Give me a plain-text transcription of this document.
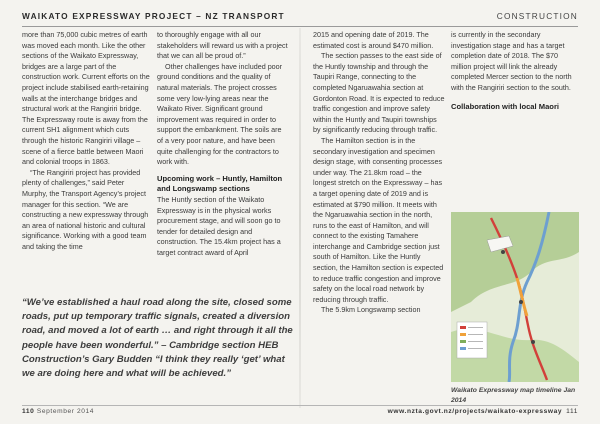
WAIKATO EXPRESSWAY PROJECT – NZ TRANSPORT	CONSTRUCTION

more than 75,000 cubic metres of earth was moved each month. Like the other sections of the Waikato Expressway, bridges are a large part of the construction work. Current efforts on the project include stabilised earth-retaining walls at the interchange bridges and structural work at the Rangiriri bridge. The Expressway route is away from the current SH1 alignment which cuts through the historic Rangiriri village – scene of a fierce battle between Maori and colonial troops in 1863.

“The Rangiriri project has provided plenty of challenges,” said Peter Murphy, the Transport Agency’s project manager for this section. “We are constructing a new expressway through an area of national historic and cultural significance. Working with a good team and taking the time

to thoroughly engage with all our stakeholders will reward us with a project that we can all be proud of.”

Other challenges have included poor ground conditions and the quality of natural materials. The project crosses some very low-lying areas near the Waikato River. Significant ground improvement was required in order to support the embankment. The soils are of a very poor nature, and have been quite challenging for the contractors to work with.

Upcoming work – Huntly, Hamilton and Longswamp sections

The Huntly section of the Waikato Expressway is in the physical works procurement stage, and will soon go to tender for detailed design and construction. The 15.4km project has a target contract award of April

“We’ve established a haul road along the site, closed some roads, put up temporary traffic signals, created a diversion road, and moved a lot of earth … and right through it all the people have been wonderful.” – Cambridge section HEB Construction’s Gary Budden “I think they really ‘get’ what we are doing here and what will be achieved.”

2015 and opening date of 2019. The estimated cost is around $470 million.

The section passes to the east side of the Huntly township and through the Taupiri Range, connecting to the completed Ngaruawahia section at Gordonton Road. It is expected to reduce traffic congestion and improve safety within the Huntly and Taupiri townships by significantly reducing through traffic.

The Hamilton section is in the secondary investigation and specimen design stage, with consenting processes under way. The 21.8km road – the longest stretch on the Expressway – has a target opening date of 2019 and is estimated at $790 million. It meets with the Ngaruawahia section in the north, runs to the east of Hamilton, and will connect to the existing Tamahere interchange and Cambridge section just south of Hamilton. Like the Huntly section, the Hamilton section is expected to reduce traffic congestion and improve safety on the local road network by reducing through traffic.

The 5.9km Longswamp section

is currently in the secondary investigation stage and has a target completion date of 2018. The $70 million project will link the already completed Mercer section to the north with the Rangiriri section to the south.

Collaboration with local Maori

Waikato Expressway map timeline Jan 2014
110 September 2014	www.nzta.govt.nz/projects/waikato-expressway 111
